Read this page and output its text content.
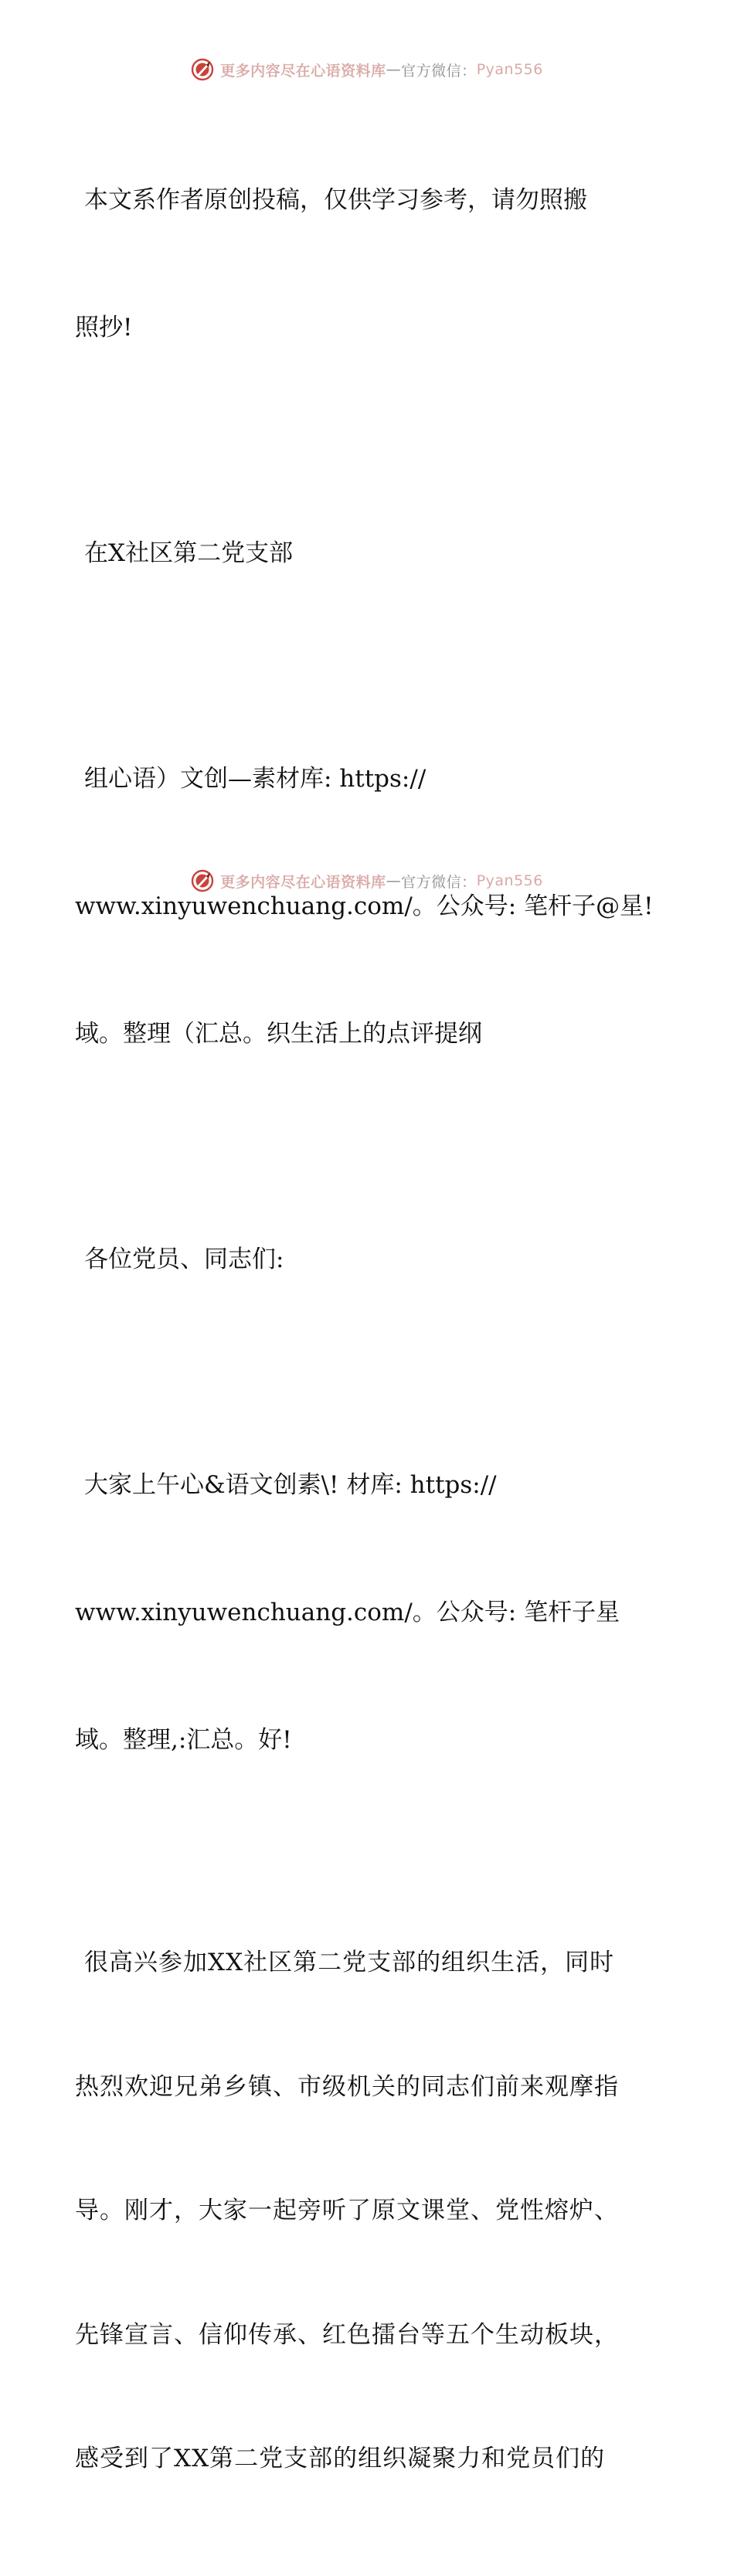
更多内容尽在心语资料库 — 官方微信： Pyan556

本文系作者原创投稿，仅供学习参考，请勿照搬

照抄!

在X社区第二党支部

组心语）文创—素材库: https://

www.xinyuwenchuang.com/。公众号: 笔杆子@星!

域。整理（汇总。织生活上的点评提纲

各位党员、同志们:

大家上午心&语文创素\! 材库: https://

www.xinyuwenchuang.com/。公众号: 笔杆子星

域。整理,:汇总。好!

很高兴参加XX社区第二党支部的组织生活，同时

热烈欢迎兄弟乡镇、市级机关的同志们前来观摩指

导。刚才，大家一起旁听了原文课堂、党性熔炉、

先锋宣言、信仰传承、红色擂台等五个生动板块，

感受到了XX第二党支部的组织凝聚力和党员们的

更多内容尽在心语资料库 — 官方微信： Pyan556
